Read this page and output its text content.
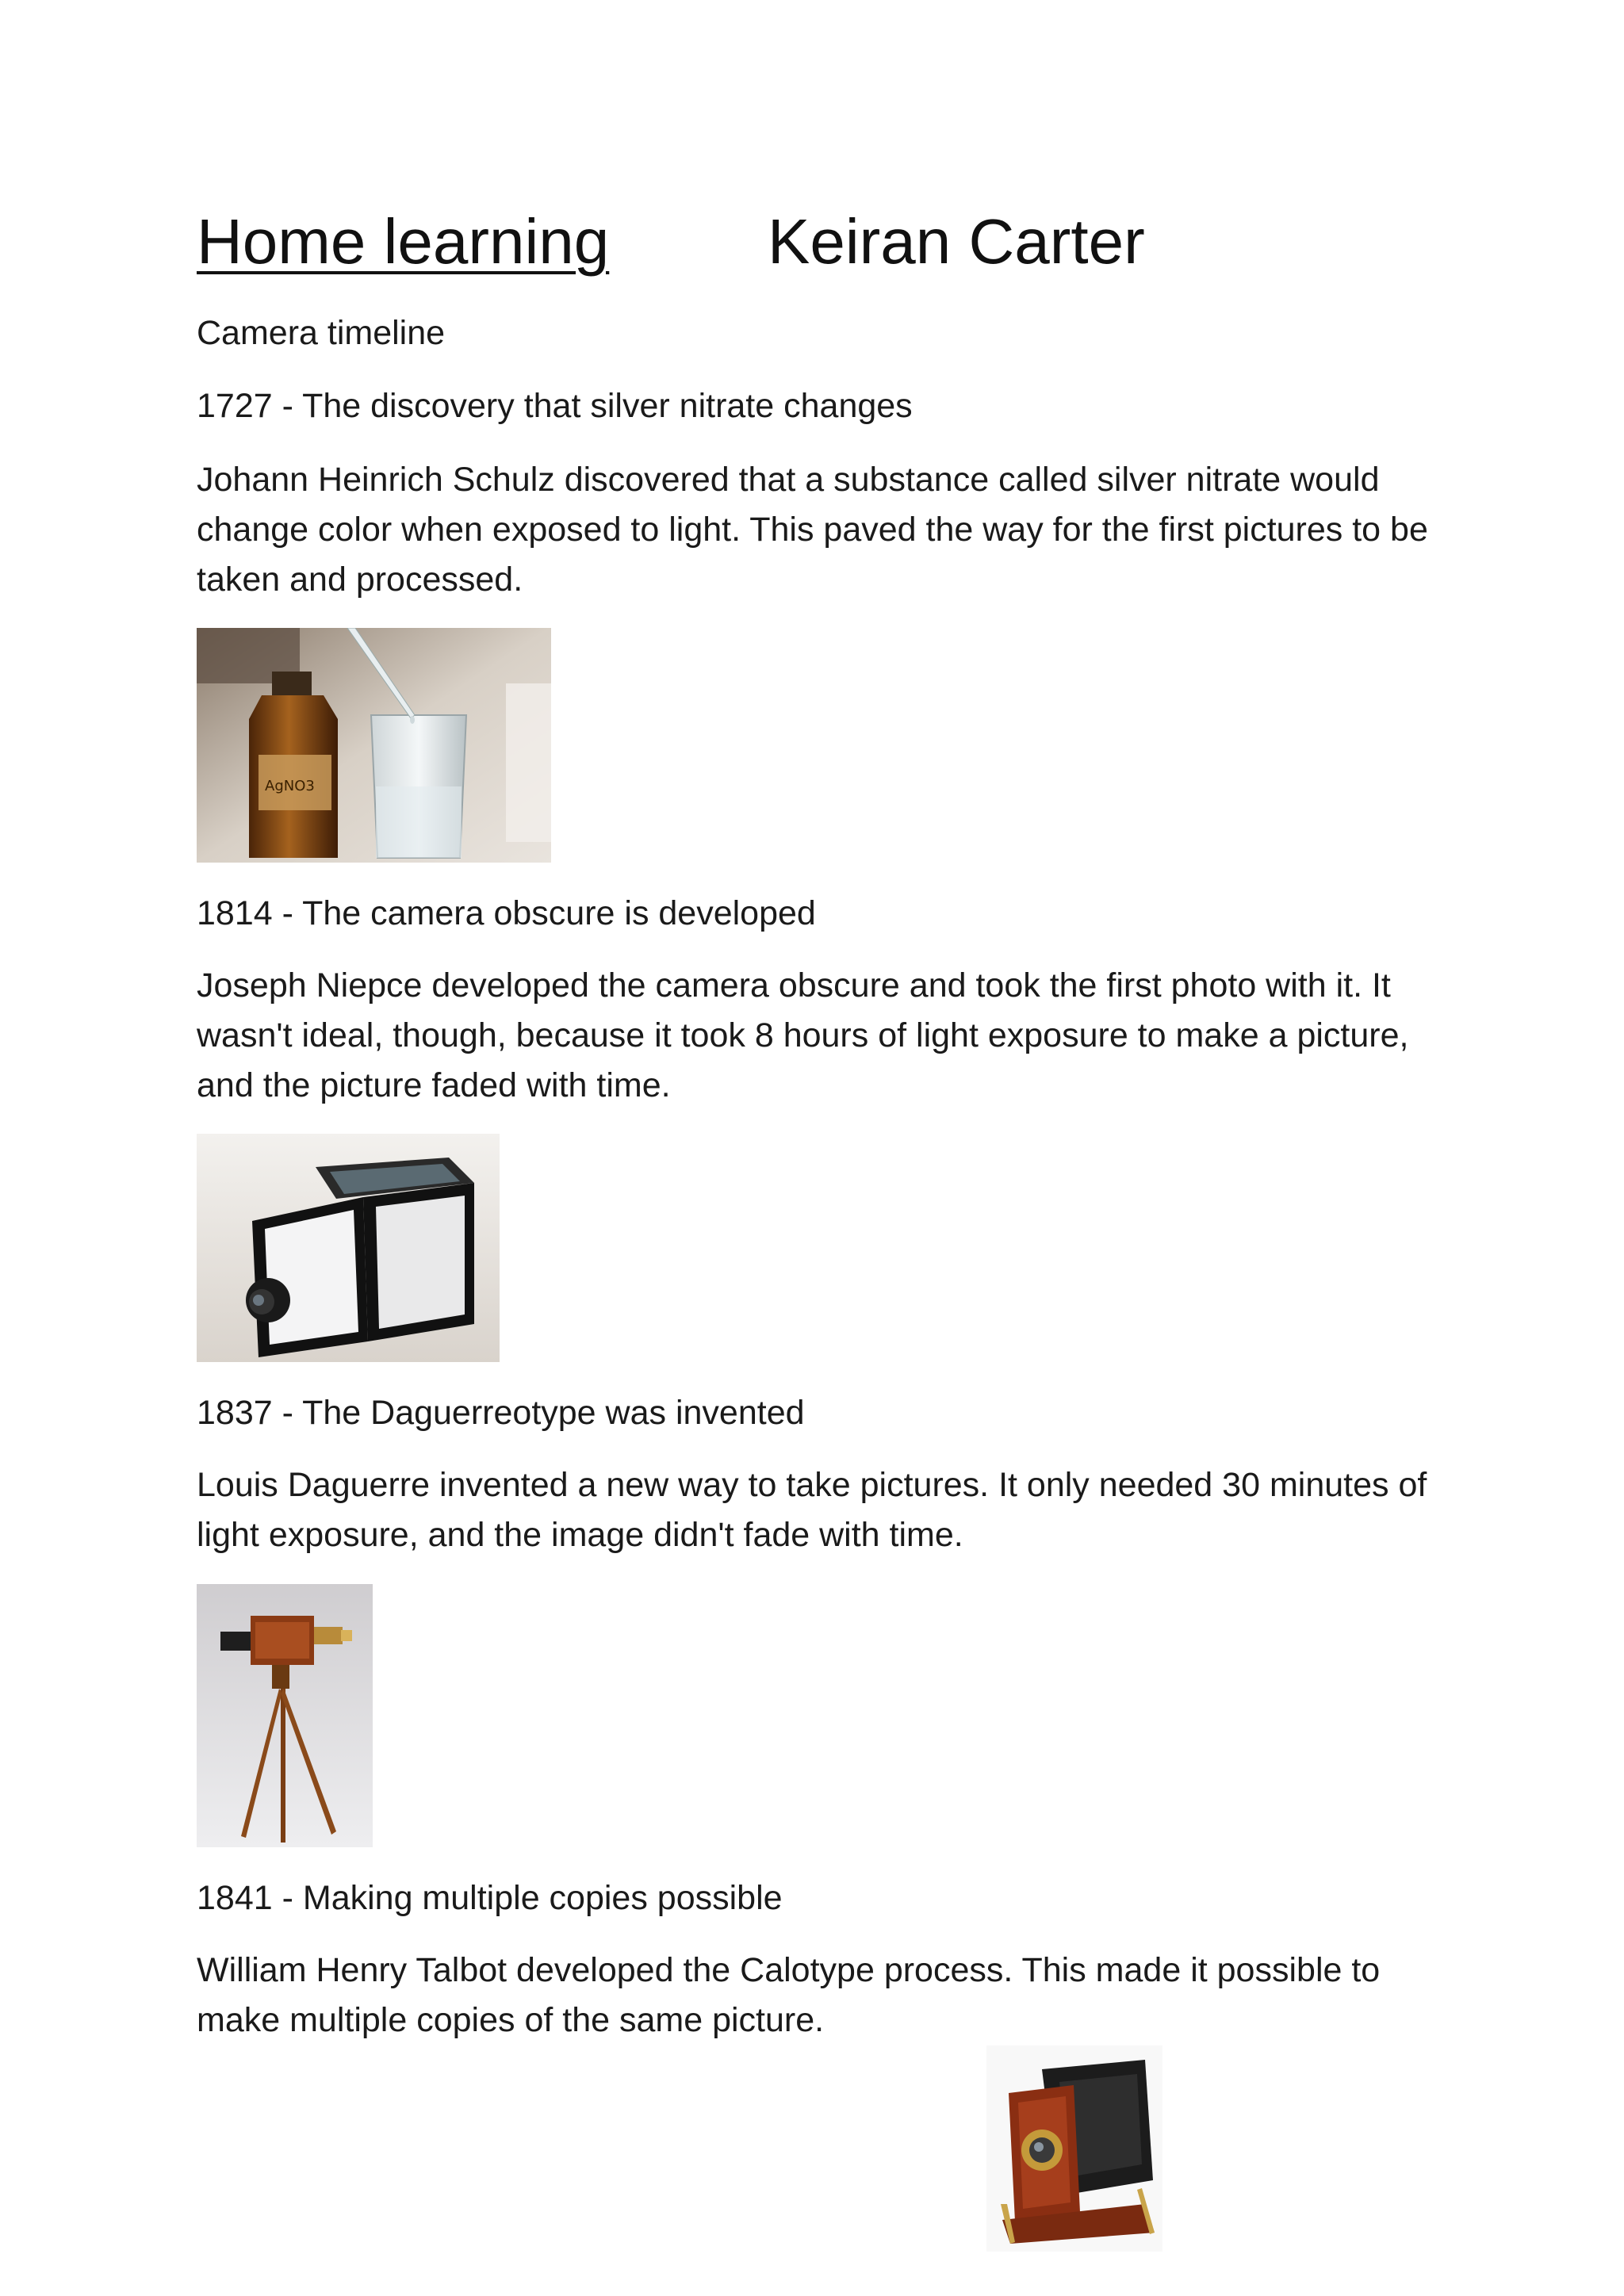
Home learning Keiran Carter
Camera timeline
1727 - The discovery that silver nitrate changes
Johann Heinrich Schulz discovered that a substance called silver nitrate would change color when exposed to light. This paved the way for the first pictures to be taken and processed.
AgNO3
1814 - The camera obscure is developed
Joseph Niepce developed the camera obscure and took the first photo with it. It wasn't ideal, though, because it took 8 hours of light exposure to make a picture, and the picture faded with time.
1837 - The Daguerreotype was invented
Louis Daguerre invented a new way to take pictures. It only needed 30 minutes of light exposure, and the image didn't fade with time.
1841 - Making multiple copies possible
William Henry Talbot developed the Calotype process. This made it possible to make multiple copies of the same picture.
